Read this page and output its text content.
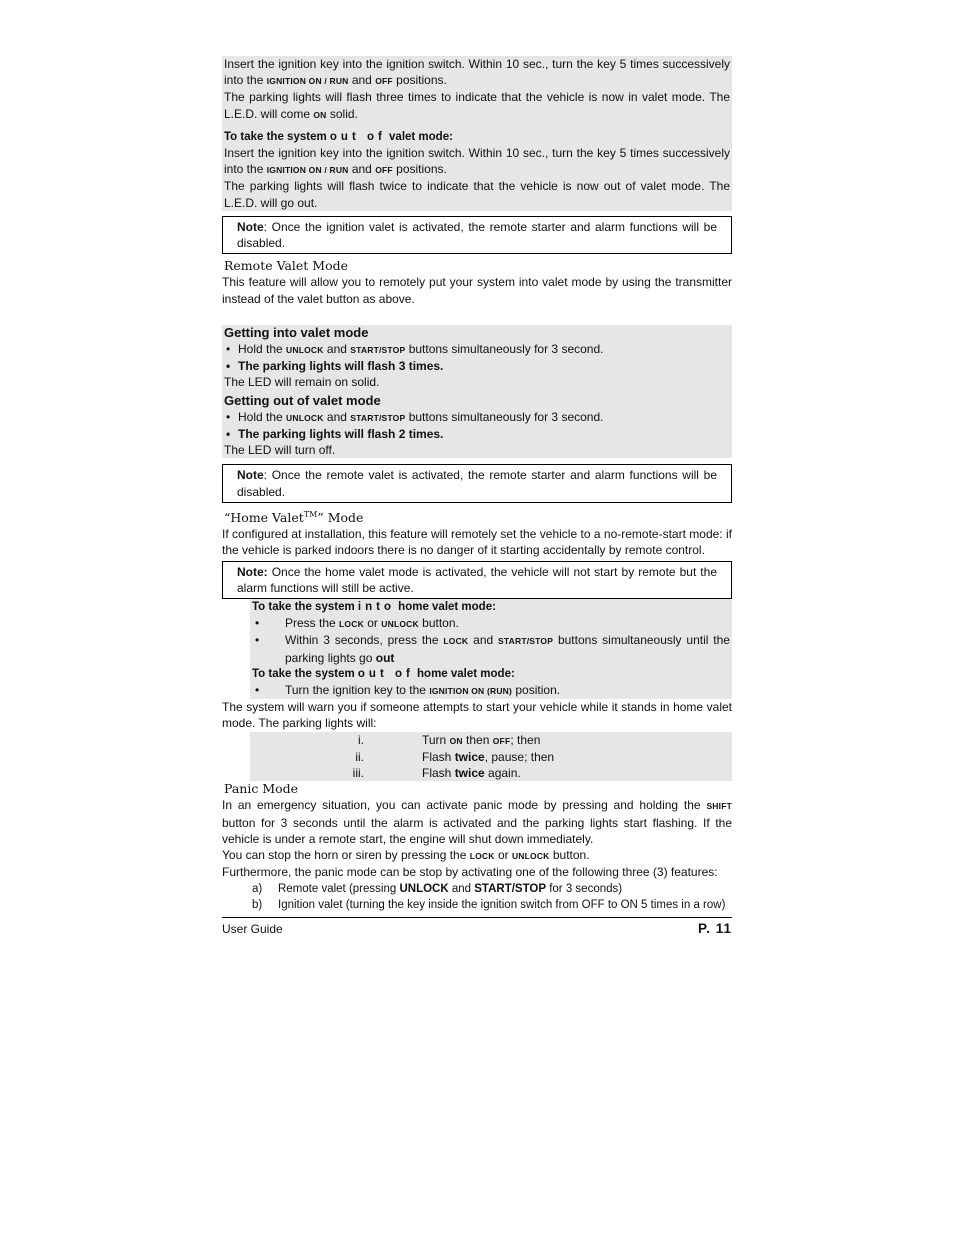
Insert the ignition key into the ignition switch. Within 10 sec., turn the key 5 times successively into the IGNITION ON / RUN and OFF positions.

The parking lights will flash three times to indicate that the vehicle is now in valet mode. The L.E.D. will come ON solid.

To take the system out of valet mode:

Insert the ignition key into the ignition switch. Within 10 sec., turn the key 5 times successively into the IGNITION ON / RUN and OFF positions.

The parking lights will flash twice to indicate that the vehicle is now out of valet mode. The L.E.D. will go out.

Note: Once the ignition valet is activated, the remote starter and alarm functions will be disabled.
Remote Valet Mode

This feature will allow you to remotely put your system into valet mode by using the transmitter instead of the valet button as above.

Getting into valet mode
• Hold the UNLOCK and START/STOP buttons simultaneously for 3 second.
• The parking lights will flash 3 times.
The LED will remain on solid.
Getting out of valet mode
• Hold the UNLOCK and START/STOP buttons simultaneously for 3 second.
• The parking lights will flash 2 times.
The LED will turn off.
Note: Once the remote valet is activated, the remote starter and alarm functions will be disabled.
“Home Valet™” Mode

If configured at installation, this feature will remotely set the vehicle to a no-remote-start mode: if the vehicle is parked indoors there is no danger of it starting accidentally by remote control.

Note: Once the home valet mode is activated, the vehicle will not start by remote but the alarm functions will still be active.
To take the system into home valet mode:
• Press the LOCK or UNLOCK button.
• Within 3 seconds, press the LOCK and START/STOP buttons simultaneously until the parking lights go out
To take the system out of home valet mode:
• Turn the ignition key to the IGNITION ON (RUN) position.

The system will warn you if someone attempts to start your vehicle while it stands in home valet mode. The parking lights will:

i.	Turn ON then OFF; then
ii.	Flash twice, pause; then
iii.	Flash twice again.
Panic Mode

In an emergency situation, you can activate panic mode by pressing and holding the SHIFT button for 3 seconds until the alarm is activated and the parking lights start flashing. If the vehicle is under a remote start, the engine will shut down immediately.

You can stop the horn or siren by pressing the LOCK or UNLOCK button.

Furthermore, the panic mode can be stop by activating one of the following three (3) features:

a)	Remote valet (pressing UNLOCK and START/STOP for 3 seconds)
b)	Ignition valet (turning the key inside the ignition switch from OFF to ON 5 times in a row)
User Guide	P. 11
